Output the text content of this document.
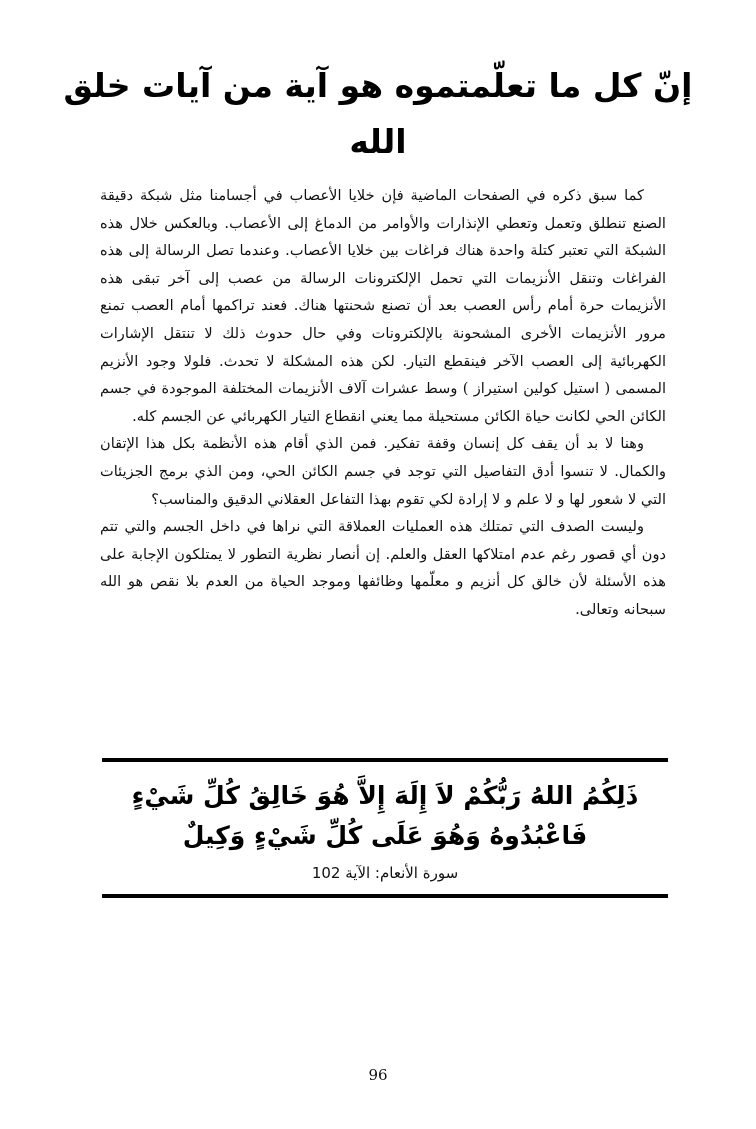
إنّ كل ما تعلّمتموه هو آية من آيات خلق الله

كما سبق ذكره في الصفحات الماضية فإن خلايا الأعصاب في أجسامنا مثل شبكة دقيقة الصنع تنطلق وتعمل وتعطي الإنذارات والأوامر من الدماغ إلى الأعصاب. وبالعكس خلال هذه الشبكة التي تعتبر كتلة واحدة هناك فراغات بين خلايا الأعصاب. وعندما تصل الرسالة إلى هذه الفراغات وتنقل الأنزيمات التي تحمل الإلكترونات الرسالة من عصب إلى آخر تبقى هذه الأنزيمات حرة أمام رأس العصب بعد أن تصنع شحنتها هناك. فعند تراكمها أمام العصب تمنع مرور الأنزيمات الأخرى المشحونة بالإلكترونات وفي حال حدوث ذلك لا تنتقل الإشارات الكهربائية إلى العصب الآخر فينقطع التيار. لكن هذه المشكلة لا تحدث. فلولا وجود الأنزيم المسمى ( استيل كولين استيراز ) وسط عشرات آلاف الأنزيمات المختلفة الموجودة في جسم الكائن الحي لكانت حياة الكائن مستحيلة مما يعني انقطاع التيار الكهربائي عن الجسم كله.

وهنا لا بد أن يقف كل إنسان وقفة تفكير. فمن الذي أقام هذه الأنظمة بكل هذا الإتقان والكمال. لا تنسوا أدق التفاصيل التي توجد في جسم الكائن الحي، ومن الذي برمج الجزيئات التي لا شعور لها و لا علم و لا إرادة لكي تقوم بهذا التفاعل العقلاني الدقيق والمناسب؟

وليست الصدف التي تمتلك هذه العمليات العملاقة التي نراها في داخل الجسم والتي تتم دون أي قصور رغم عدم امتلاكها العقل والعلم. إن أنصار نظرية التطور لا يمتلكون الإجابة على هذه الأسئلة لأن خالق كل أنزيم و معلّمها وظائفها وموجد الحياة من العدم بلا نقص هو الله سبحانه وتعالى.

ذَلِكُمُ اللهُ رَبُّكُمْ لاَ إِلَهَ إِلاَّ هُوَ خَالِقُ كُلِّ شَيْءٍ
فَاعْبُدُوهُ وَهُوَ عَلَى كُلِّ شَيْءٍ وَكِيلٌ
سورة الأنعام: الآية 102
96
